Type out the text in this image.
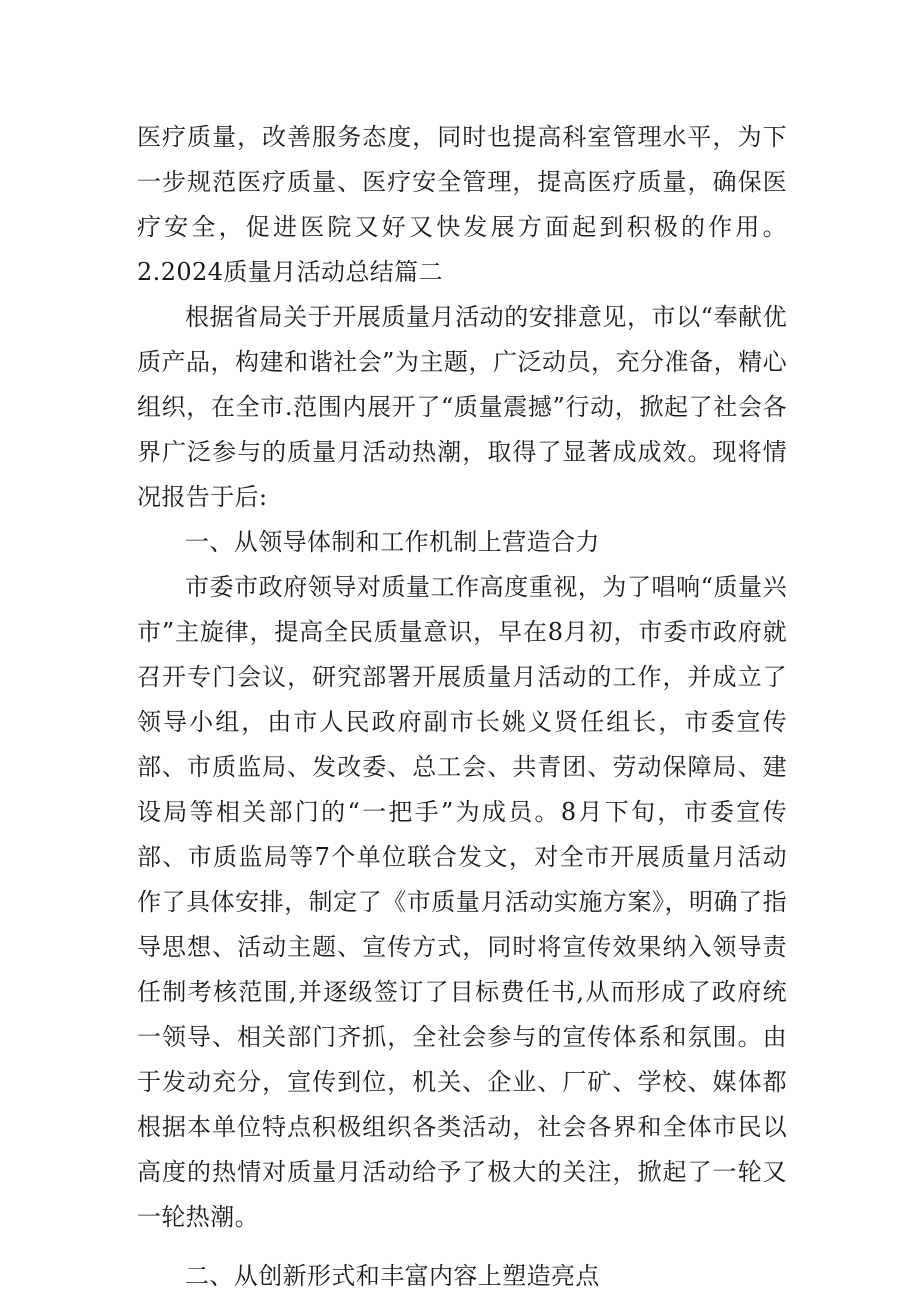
医疗质量，改善服务态度，同时也提高科室管理水平，为下一步规范医疗质量、医疗安全管理，提高医疗质量，确保医疗安全，促进医院又好又快发展方面起到积极的作用。2.2024质量月活动总结篇二

根据省局关于开展质量月活动的安排意见，市以“奉献优质产品，构建和谐社会”为主题，广泛动员，充分准备，精心组织，在全市.范围内展开了“质量震撼”行动，掀起了社会各界广泛参与的质量月活动热潮，取得了显著成成效。现将情况报告于后:

一、从领导体制和工作机制上营造合力

市委市政府领导对质量工作高度重视，为了唱响“质量兴市”主旋律，提高全民质量意识，早在8月初，市委市政府就召开专门会议，研究部署开展质量月活动的工作，并成立了领导小组，由市人民政府副市长姚义贤任组长，市委宣传部、市质监局、发改委、总工会、共青团、劳动保障局、建设局等相关部门的“一把手”为成员。8月下旬，市委宣传部、市质监局等7个单位联合发文，对全市开展质量月活动作了具体安排，制定了《市质量月活动实施方案》，明确了指导思想、活动主题、宣传方式，同时将宣传效果纳入领导责任制考核范围,并逐级签订了目标费任书,从而形成了政府统一领导、相关部门齐抓，全社会参与的宣传体系和氛围。由于发动充分，宣传到位，机关、企业、厂矿、学校、媒体都根据本单位特点积极组织各类活动，社会各界和全体市民以高度的热情对质量月活动给予了极大的关注，掀起了一轮又一轮热潮。

二、从创新形式和丰富内容上塑造亮点
